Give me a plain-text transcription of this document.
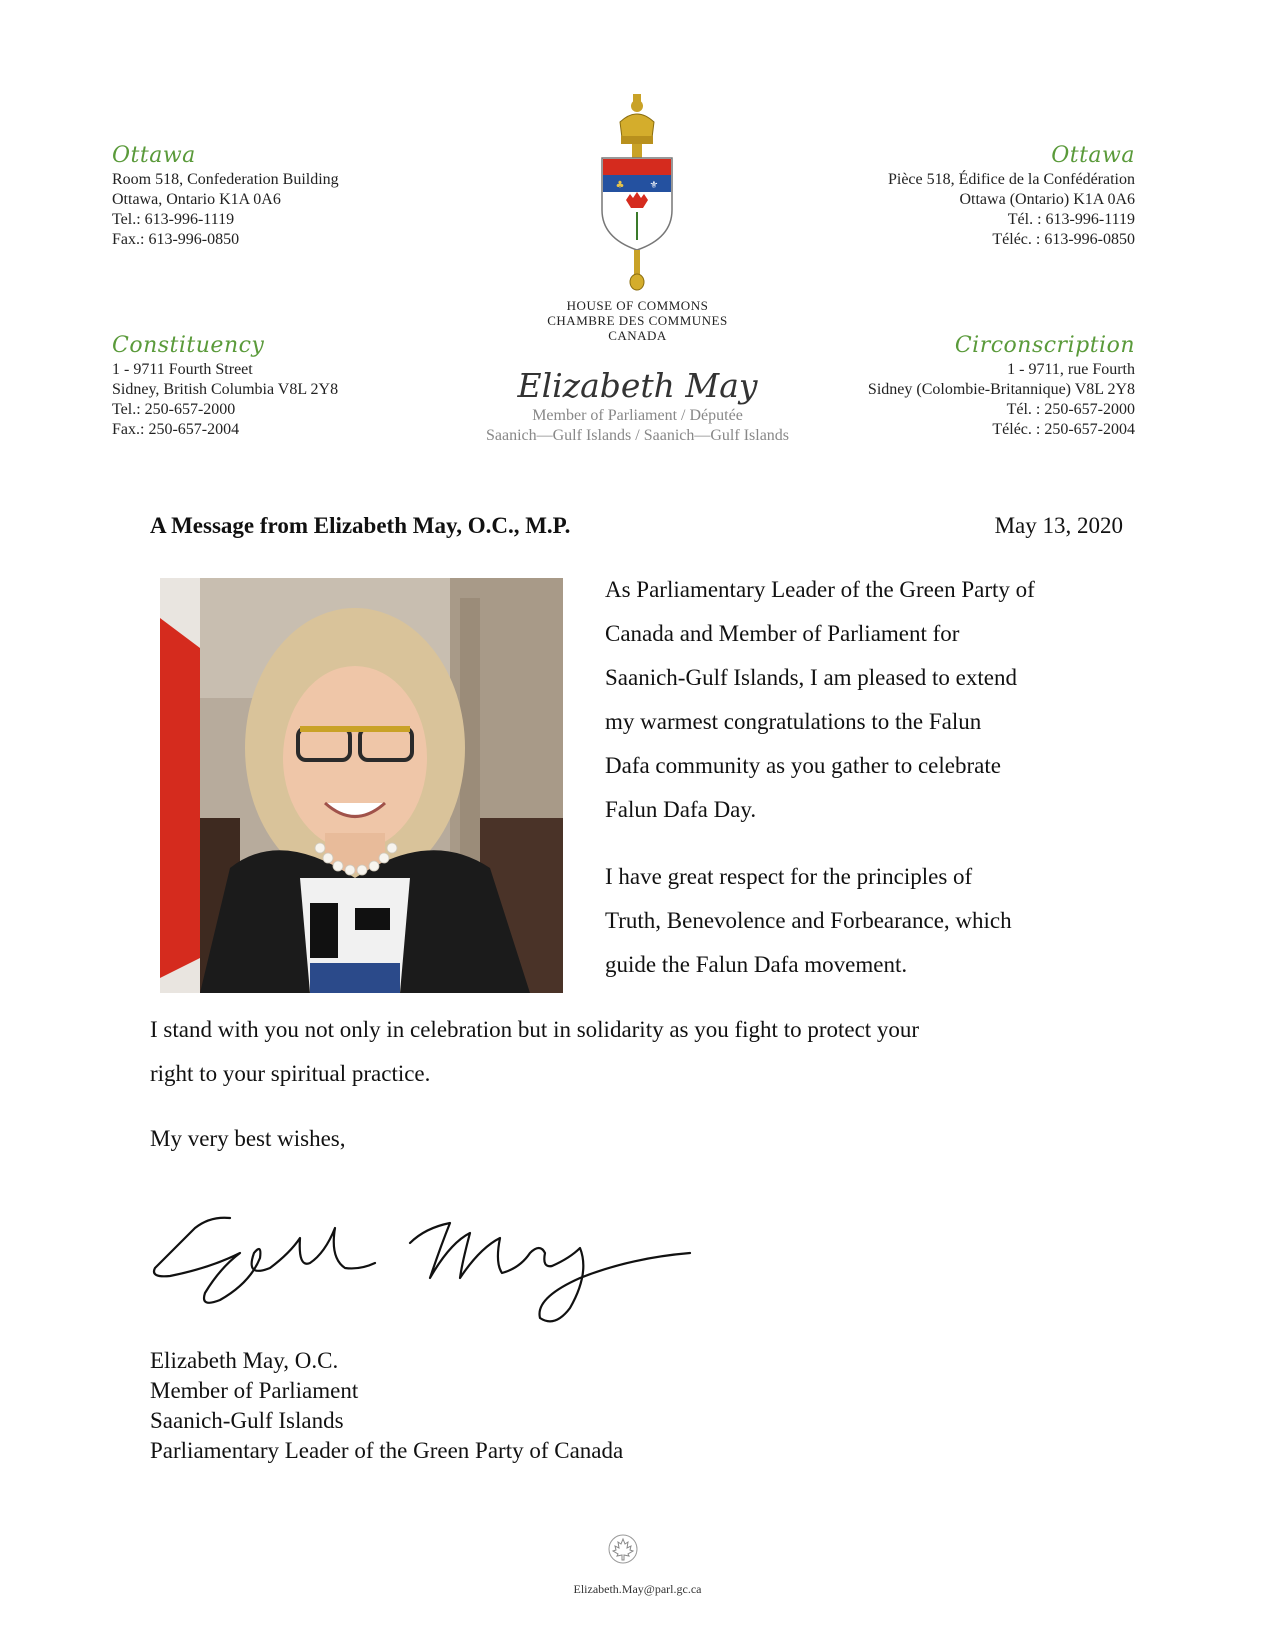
Ottawa
Room 518, Confederation Building
Ottawa, Ontario K1A 0A6
Tel.: 613-996-1119
Fax.: 613-996-0850
Ottawa
Pièce 518, Édifice de la Confédération
Ottawa (Ontario) K1A 0A6
Tél. : 613-996-1119
Téléc. : 613-996-0850
Constituency
1 - 9711 Fourth Street
Sidney, British Columbia V8L 2Y8
Tel.: 250-657-2000
Fax.: 250-657-2004
Circonscription
1 - 9711, rue Fourth
Sidney (Colombie-Britannique) V8L 2Y8
Tél. : 250-657-2000
Téléc. : 250-657-2004
♣	⚜
HOUSE OF COMMONS
CHAMBRE DES COMMUNES
CANADA
Elizabeth May
Member of Parliament / Députée
Saanich—Gulf Islands / Saanich—Gulf Islands
A Message from Elizabeth May, O.C., M.P.	May 13, 2020
As Parliamentary Leader of the Green Party of
Canada and Member of Parliament for
Saanich-Gulf Islands, I am pleased to extend
my warmest congratulations to the Falun
Dafa community as you gather to celebrate
Falun Dafa Day.
I have great respect for the principles of
Truth, Benevolence and Forbearance, which
guide the Falun Dafa movement.
I stand with you not only in celebration but in solidarity as you fight to protect your
right to your spiritual practice.
My very best wishes,
Elizabeth May, O.C.
Member of Parliament
Saanich-Gulf Islands
Parliamentary Leader of the Green Party of Canada
Elizabeth.May@parl.gc.ca
